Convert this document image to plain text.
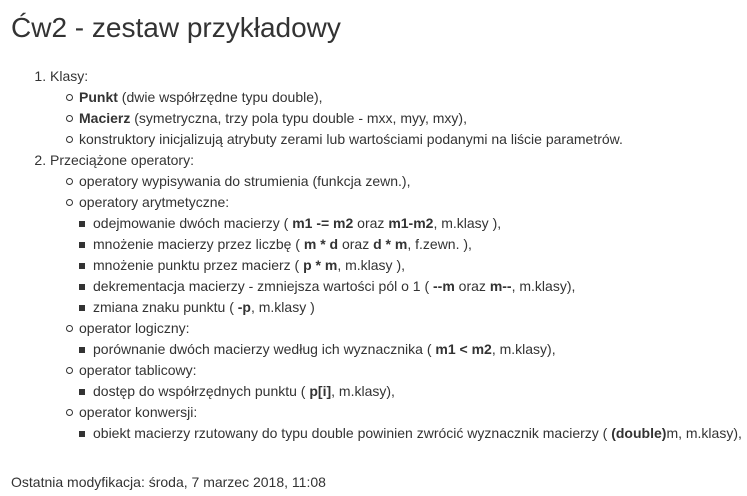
Ćw2 - zestaw przykładowy
1. Klasy:
Punkt (dwie współrzędne typu double),
Macierz (symetryczna, trzy pola typu double - mxx, myy, mxy),
konstruktory inicjalizują atrybuty zerami lub wartościami podanymi na liście parametrów.
2. Przeciążone operatory:
operatory wypisywania do strumienia (funkcja zewn.),
operatory arytmetyczne:
odejmowanie dwóch macierzy ( m1 -= m2 oraz m1-m2, m.klasy ),
mnożenie macierzy przez liczbę ( m * d oraz d * m, f.zewn. ),
mnożenie punktu przez macierz ( p * m, m.klasy ),
dekrementacja macierzy - zmniejsza wartości pól o 1 ( --m oraz m--, m.klasy),
zmiana znaku punktu ( -p, m.klasy )
operator logiczny:
porównanie dwóch macierzy według ich wyznacznika ( m1 < m2, m.klasy),
operator tablicowy:
dostęp do współrzędnych punktu ( p[i], m.klasy),
operator konwersji:
obiekt macierzy rzutowany do typu double powinien zwrócić wyznacznik macierzy ( (double)m, m.klasy),
Ostatnia modyfikacja: środa, 7 marzec 2018, 11:08
